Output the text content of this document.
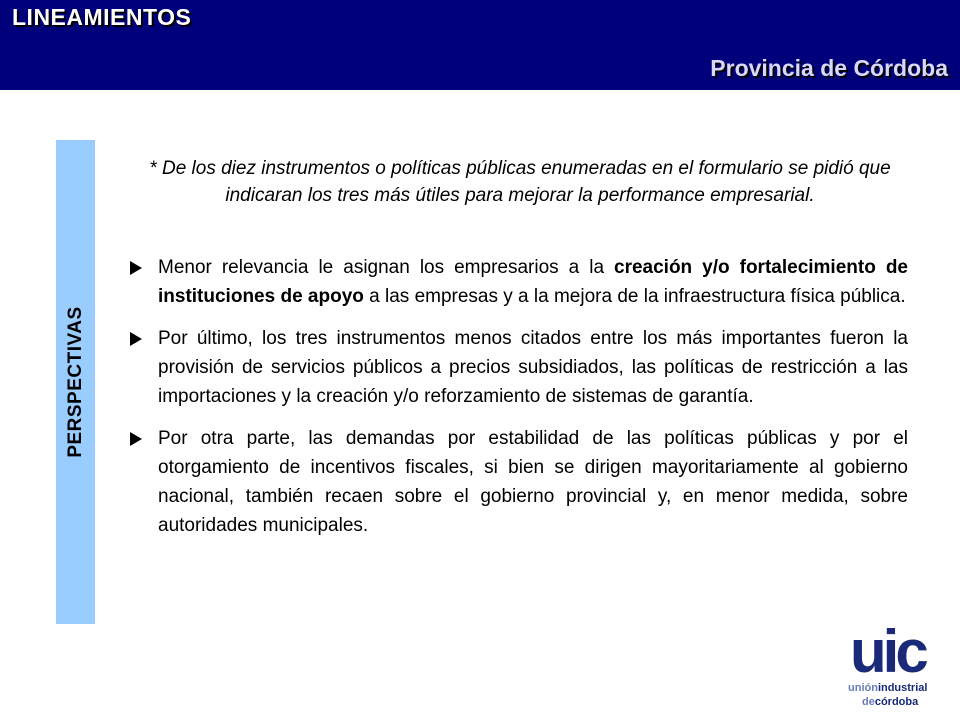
LINEAMIENTOS
Provincia de Córdoba
PERSPECTIVAS
* De los diez instrumentos o políticas públicas enumeradas en el formulario se pidió que indicaran los tres más útiles para mejorar la performance empresarial.
Menor relevancia le asignan los empresarios a la creación y/o fortalecimiento de instituciones de apoyo a las empresas y a la mejora de la infraestructura física pública.
Por último, los tres instrumentos menos citados entre los más importantes fueron la provisión de servicios públicos a precios subsidiados, las políticas de restricción a las importaciones y la creación y/o reforzamiento de sistemas de garantía.
Por otra parte, las demandas por estabilidad de las políticas públicas y por el otorgamiento de incentivos fiscales, si bien se dirigen mayoritariamente al gobierno nacional, también recaen sobre el gobierno provincial y, en menor medida, sobre autoridades municipales.
uic
uniónindustrial
decórdoba
